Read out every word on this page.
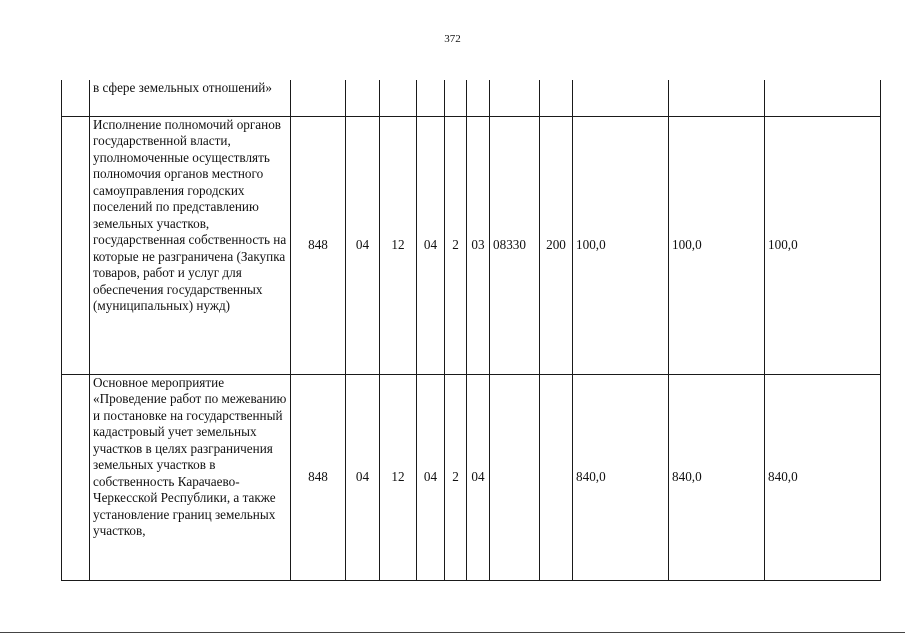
372
	в сфере земельных отношений»											
	Исполнение полномочий органов государственной власти, уполномоченные осуществлять полномочия органов местного самоуправления городских поселений по представлению земельных участков, государственная собственность на которые не разграничена (Закупка товаров, работ и услуг для обеспечения государственных (муниципальных) нужд)	848	04	12	04	2	03	08330	200	100,0	100,0	100,0
	Основное мероприятие «Проведение работ по межеванию и постановке на государственный кадастровый учет земельных участков в целях разграничения земельных участков в собственность Карачаево-Черкесской Республики, а также установление границ земельных участков,	848	04	12	04	2	04			840,0	840,0	840,0
